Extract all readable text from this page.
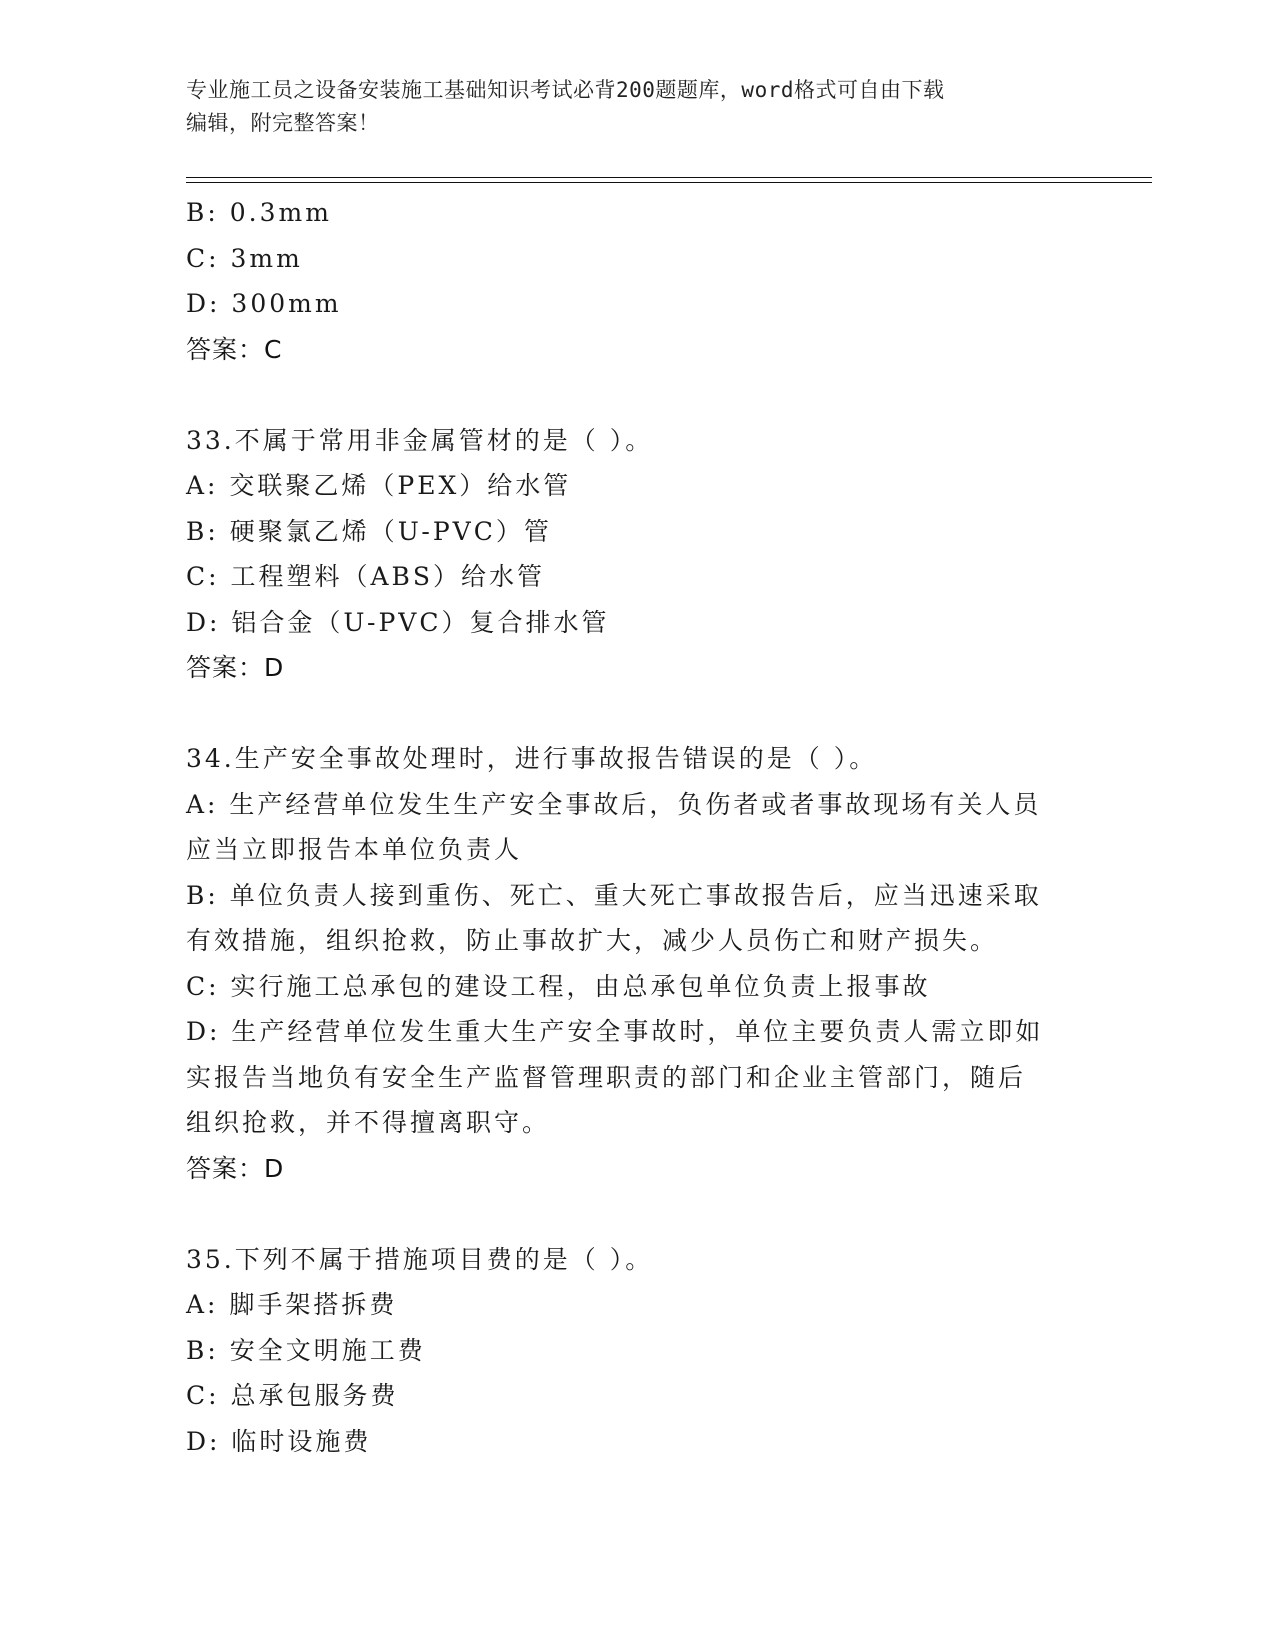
专业施工员之设备安装施工基础知识考试必背200题题库，word格式可自由下载
编辑，附完整答案！
B: 0.3mm
C: 3mm
D: 300mm
答案：C
33.不属于常用非金属管材的是（ ）。
A: 交联聚乙烯（PEX）给水管
B: 硬聚氯乙烯（U-PVC）管
C: 工程塑料（ABS）给水管
D: 铝合金（U-PVC）复合排水管
答案：D
34.生产安全事故处理时，进行事故报告错误的是（ ）。
A: 生产经营单位发生生产安全事故后，负伤者或者事故现场有关人员
应当立即报告本单位负责人
B: 单位负责人接到重伤、死亡、重大死亡事故报告后，应当迅速采取
有效措施，组织抢救，防止事故扩大，减少人员伤亡和财产损失。
C: 实行施工总承包的建设工程，由总承包单位负责上报事故
D: 生产经营单位发生重大生产安全事故时，单位主要负责人需立即如
实报告当地负有安全生产监督管理职责的部门和企业主管部门，随后
组织抢救，并不得擅离职守。
答案：D
35.下列不属于措施项目费的是（ ）。
A: 脚手架搭拆费
B: 安全文明施工费
C: 总承包服务费
D: 临时设施费
